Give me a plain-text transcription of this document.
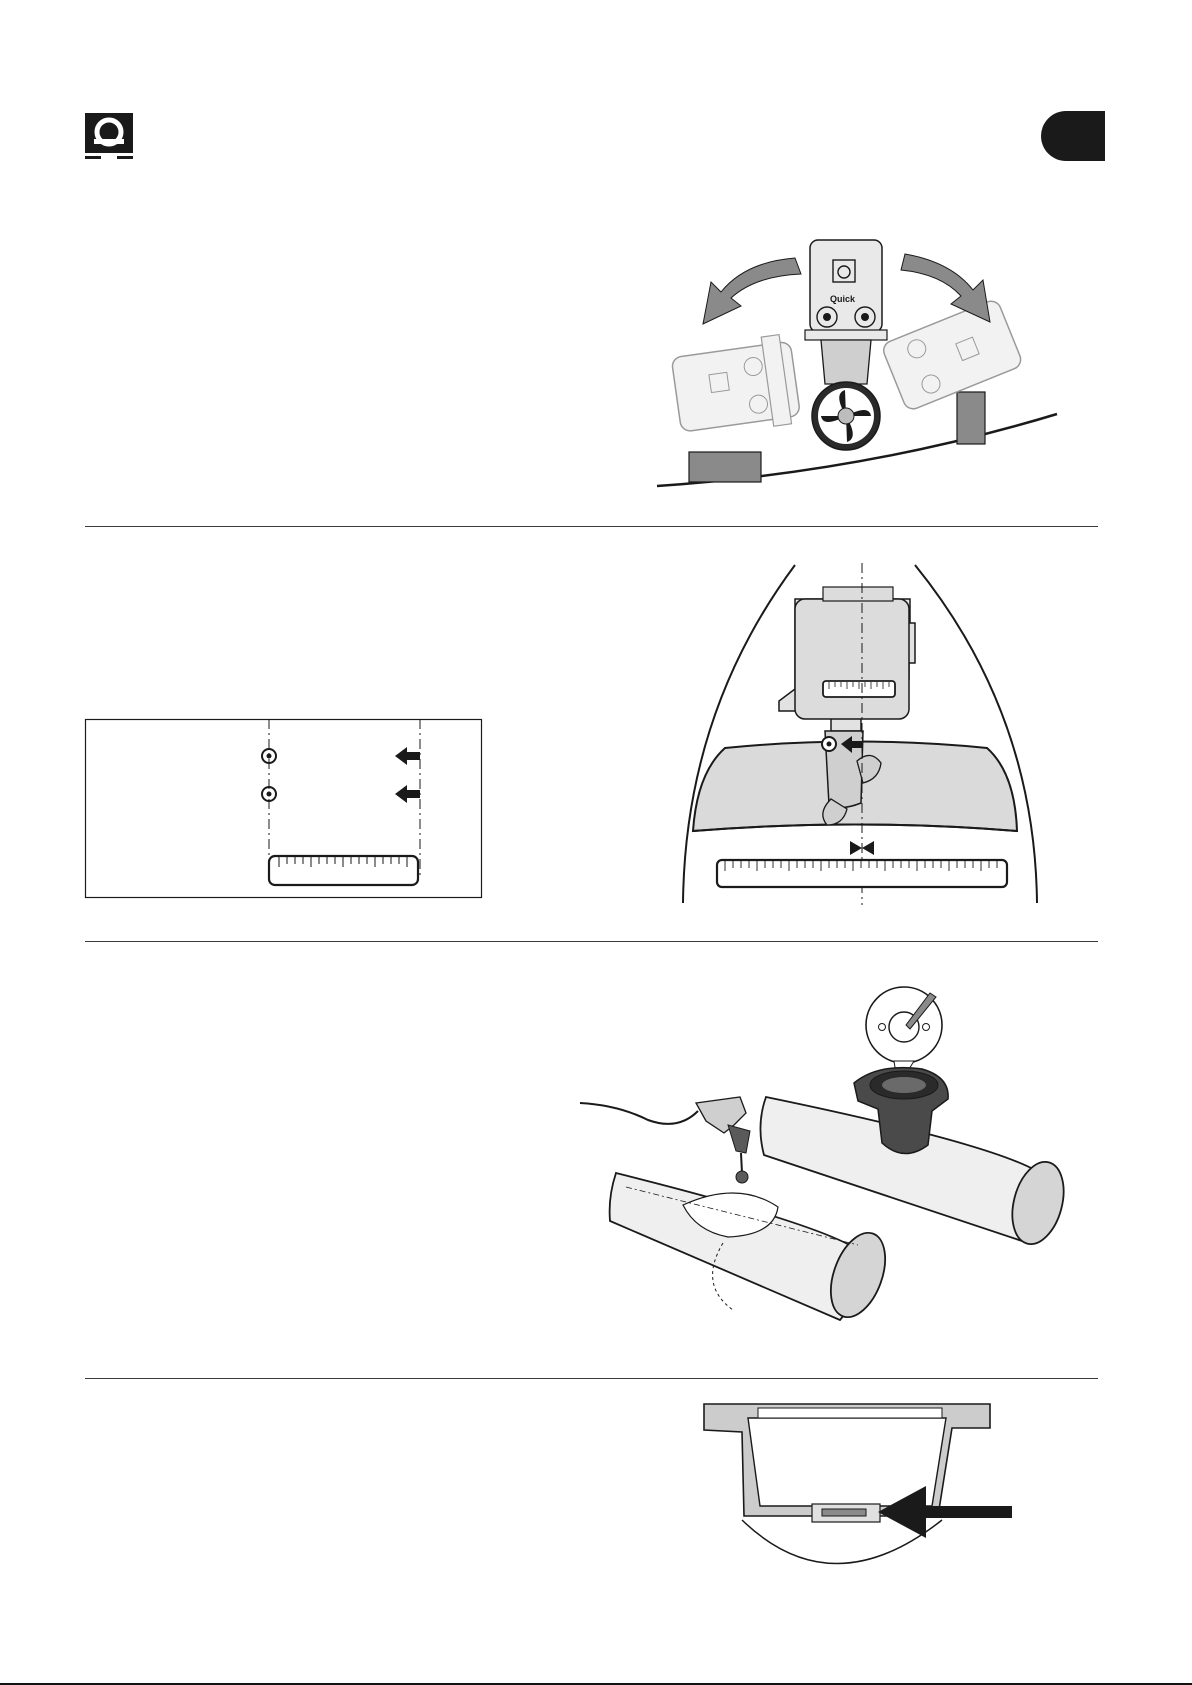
Quick
